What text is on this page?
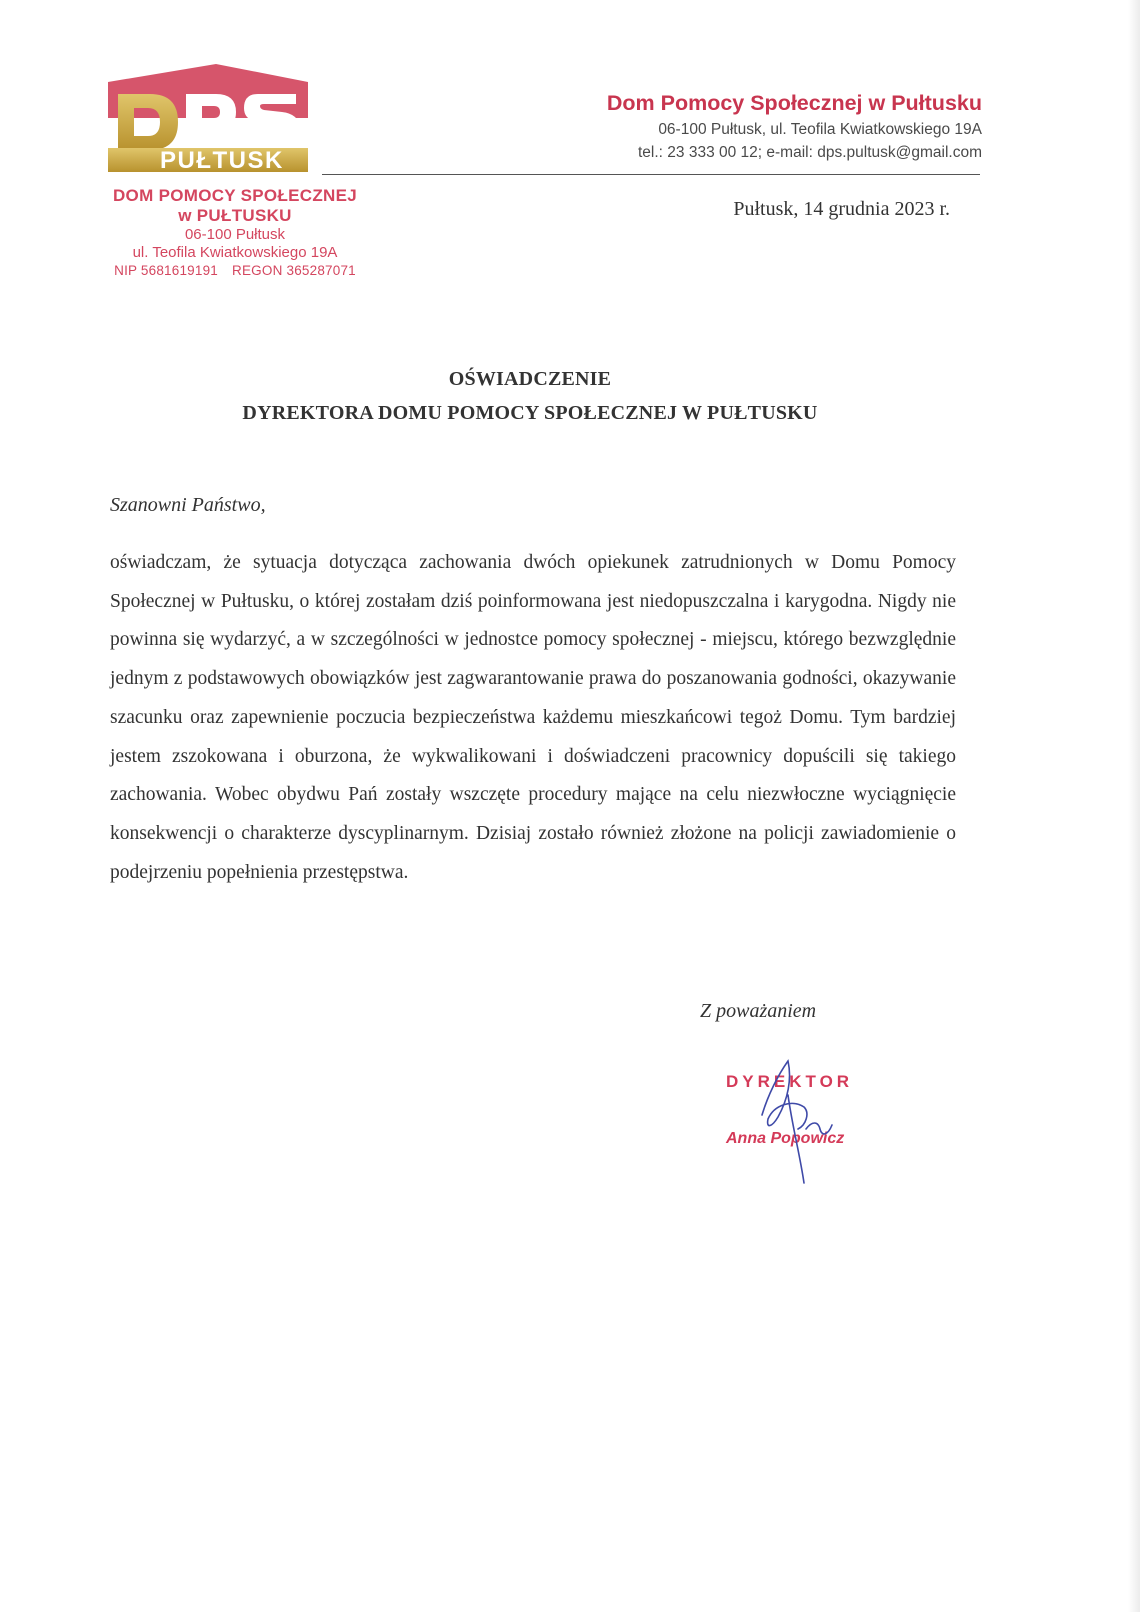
PUŁTUSK
DOM POMOCY SPOŁECZNEJ
w PUŁTUSKU
06-100 Pułtusk
ul. Teofila Kwiatkowskiego 19A
NIP 5681619191 REGON 365287071
Dom Pomocy Społecznej w Pułtusku
06-100 Pułtusk, ul. Teofila Kwiatkowskiego 19A
tel.: 23 333 00 12; e-mail: dps.pultusk@gmail.com
Pułtusk, 14 grudnia 2023 r.
OŚWIADCZENIE
DYREKTORA DOMU POMOCY SPOŁECZNEJ W PUŁTUSKU
Szanowni Państwo,

oświadczam, że sytuacja dotycząca zachowania dwóch opiekunek zatrudnionych w Domu Pomocy Społecznej w Pułtusku, o której zostałam dziś poinformowana jest niedopuszczalna i karygodna. Nigdy nie powinna się wydarzyć, a w szczególności w jednostce pomocy społecznej - miejscu, którego bezwzględnie jednym z podstawowych obowiązków jest zagwarantowanie prawa do poszanowania godności, okazywanie szacunku oraz zapewnienie poczucia bezpieczeństwa każdemu mieszkańcowi tegoż Domu. Tym bardziej jestem zszokowana i oburzona, że wykwalikowani i doświadczeni pracownicy dopuścili się takiego zachowania. Wobec obydwu Pań zostały wszczęte procedury mające na celu niezwłoczne wyciągnięcie konsekwencji o charakterze dyscyplinarnym. Dzisiaj zostało również złożone na policji zawiadomienie o podejrzeniu popełnienia przestępstwa.

Z poważaniem
DYREKTOR
Anna Popowicz
